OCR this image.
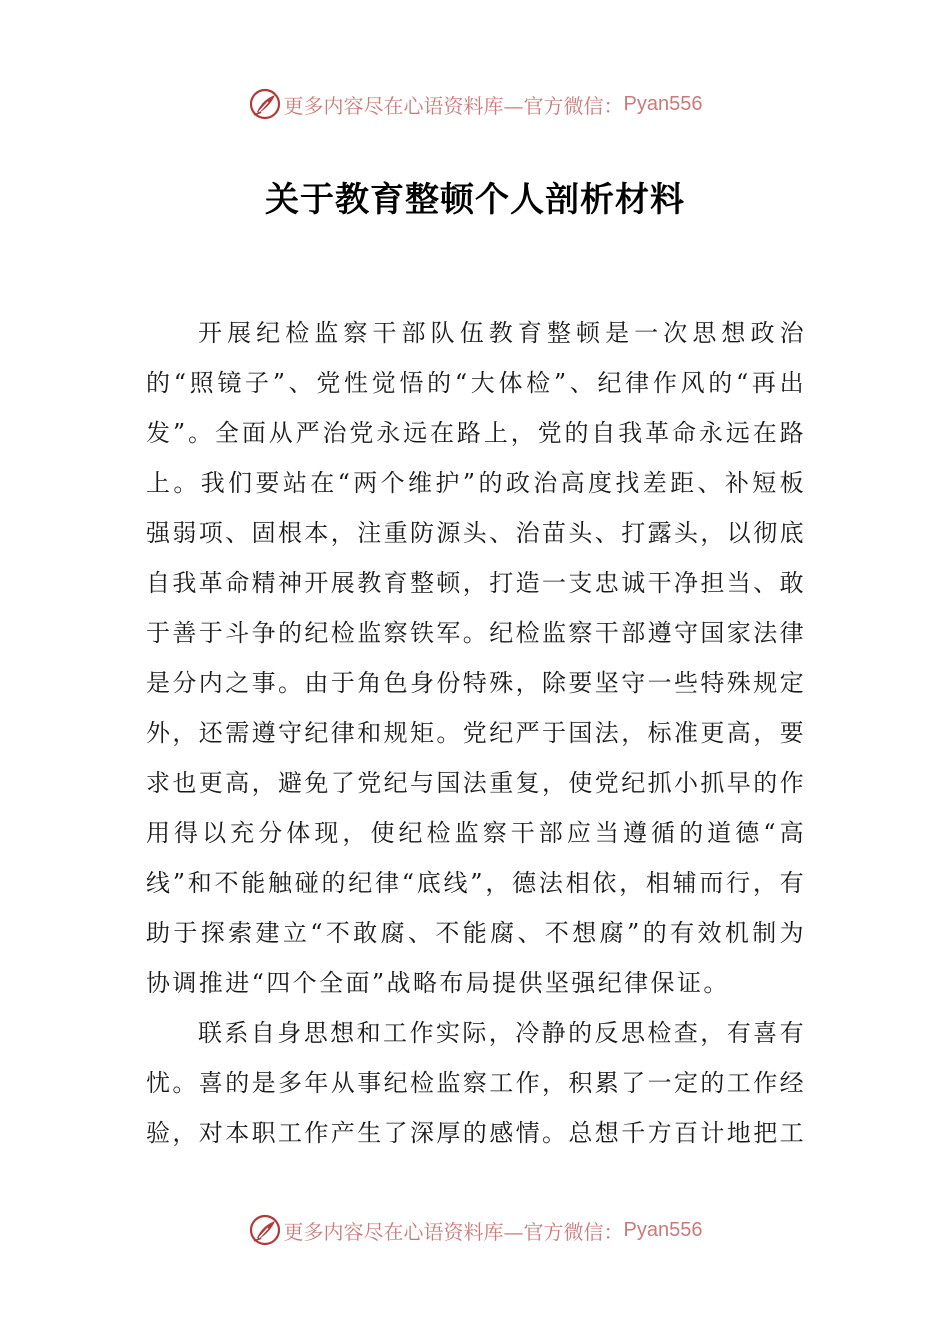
更多内容尽在心语资料库—官方微信： Pyan556
关于教育整顿个人剖析材料

开展纪检监察干部队伍教育整顿是一次思想政治的“照镜子”、党性觉悟的“大体检”、纪律作风的“再出发”。全面从严治党永远在路上，党的自我革命永远在路上。我们要站在“两个维护”的政治高度找差距、补短板强弱项、固根本，注重防源头、治苗头、打露头，以彻底自我革命精神开展教育整顿，打造一支忠诚干净担当、敢于善于斗争的纪检监察铁军。纪检监察干部遵守国家法律是分内之事。由于角色身份特殊，除要坚守一些特殊规定外，还需遵守纪律和规矩。党纪严于国法，标准更高，要求也更高，避免了党纪与国法重复，使党纪抓小抓早的作用得以充分体现，使纪检监察干部应当遵循的道德“高线”和不能触碰的纪律“底线”，德法相依，相辅而行，有助于探索建立“不敢腐、不能腐、不想腐”的有效机制为协调推进“四个全面”战略布局提供坚强纪律保证。

联系自身思想和工作实际，冷静的反思检查，有喜有忧。喜的是多年从事纪检监察工作，积累了一定的工作经验，对本职工作产生了深厚的感情。总想千方百计地把工

更多内容尽在心语资料库—官方微信： Pyan556
